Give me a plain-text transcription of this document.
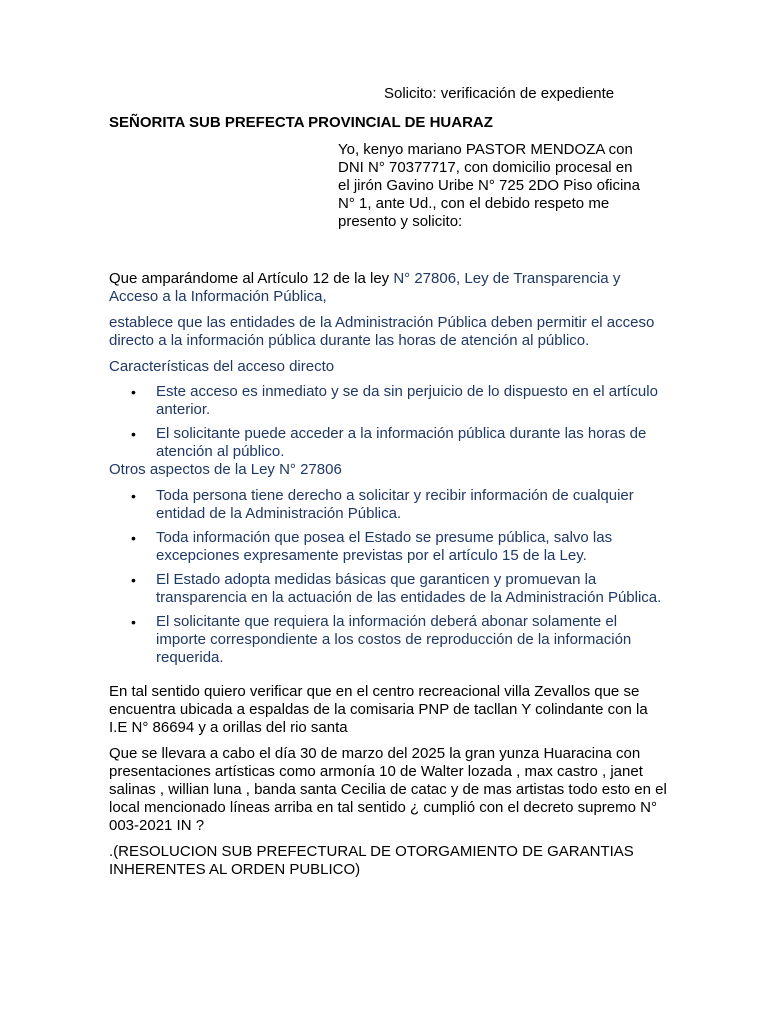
Solicito: verificación de expediente
SEÑORITA SUB PREFECTA PROVINCIAL DE HUARAZ

Yo, kenyo mariano PASTOR MENDOZA con

DNI N° 70377717, con domicilio procesal en

el jirón Gavino Uribe N° 725 2DO Piso oficina

N° 1, ante Ud., con el debido respeto me

presento y solicito:

Que amparándome al Artículo 12 de la ley N° 27806, Ley de Transparencia y Acceso a la Información Pública,

establece que las entidades de la Administración Pública deben permitir el acceso directo a la información pública durante las horas de atención al público.

Características del acceso directo

• Este acceso es inmediato y se da sin perjuicio de lo dispuesto en el artículo anterior.
• El solicitante puede acceder a la información pública durante las horas de atención al público.

Otros aspectos de la Ley N° 27806

• Toda persona tiene derecho a solicitar y recibir información de cualquier entidad de la Administración Pública.
• Toda información que posea el Estado se presume pública, salvo las excepciones expresamente previstas por el artículo 15 de la Ley.
• El Estado adopta medidas básicas que garanticen y promuevan la transparencia en la actuación de las entidades de la Administración Pública.
• El solicitante que requiera la información deberá abonar solamente el importe correspondiente a los costos de reproducción de la información requerida.

En tal sentido quiero verificar que en el centro recreacional villa Zevallos que se encuentra ubicada a espaldas de la comisaria PNP de tacllan Y colindante con la I.E N° 86694 y a orillas del rio santa

Que se llevara a cabo el día 30 de marzo del 2025 la gran yunza Huaracina con presentaciones artísticas como armonía 10 de Walter lozada , max castro , janet salinas , willian luna , banda santa Cecilia de catac y de mas artistas todo esto en el local mencionado líneas arriba en tal sentido ¿ cumplió con el decreto supremo N° 003-2021 IN ?

.(RESOLUCION SUB PREFECTURAL DE OTORGAMIENTO DE GARANTIAS INHERENTES AL ORDEN PUBLICO)
